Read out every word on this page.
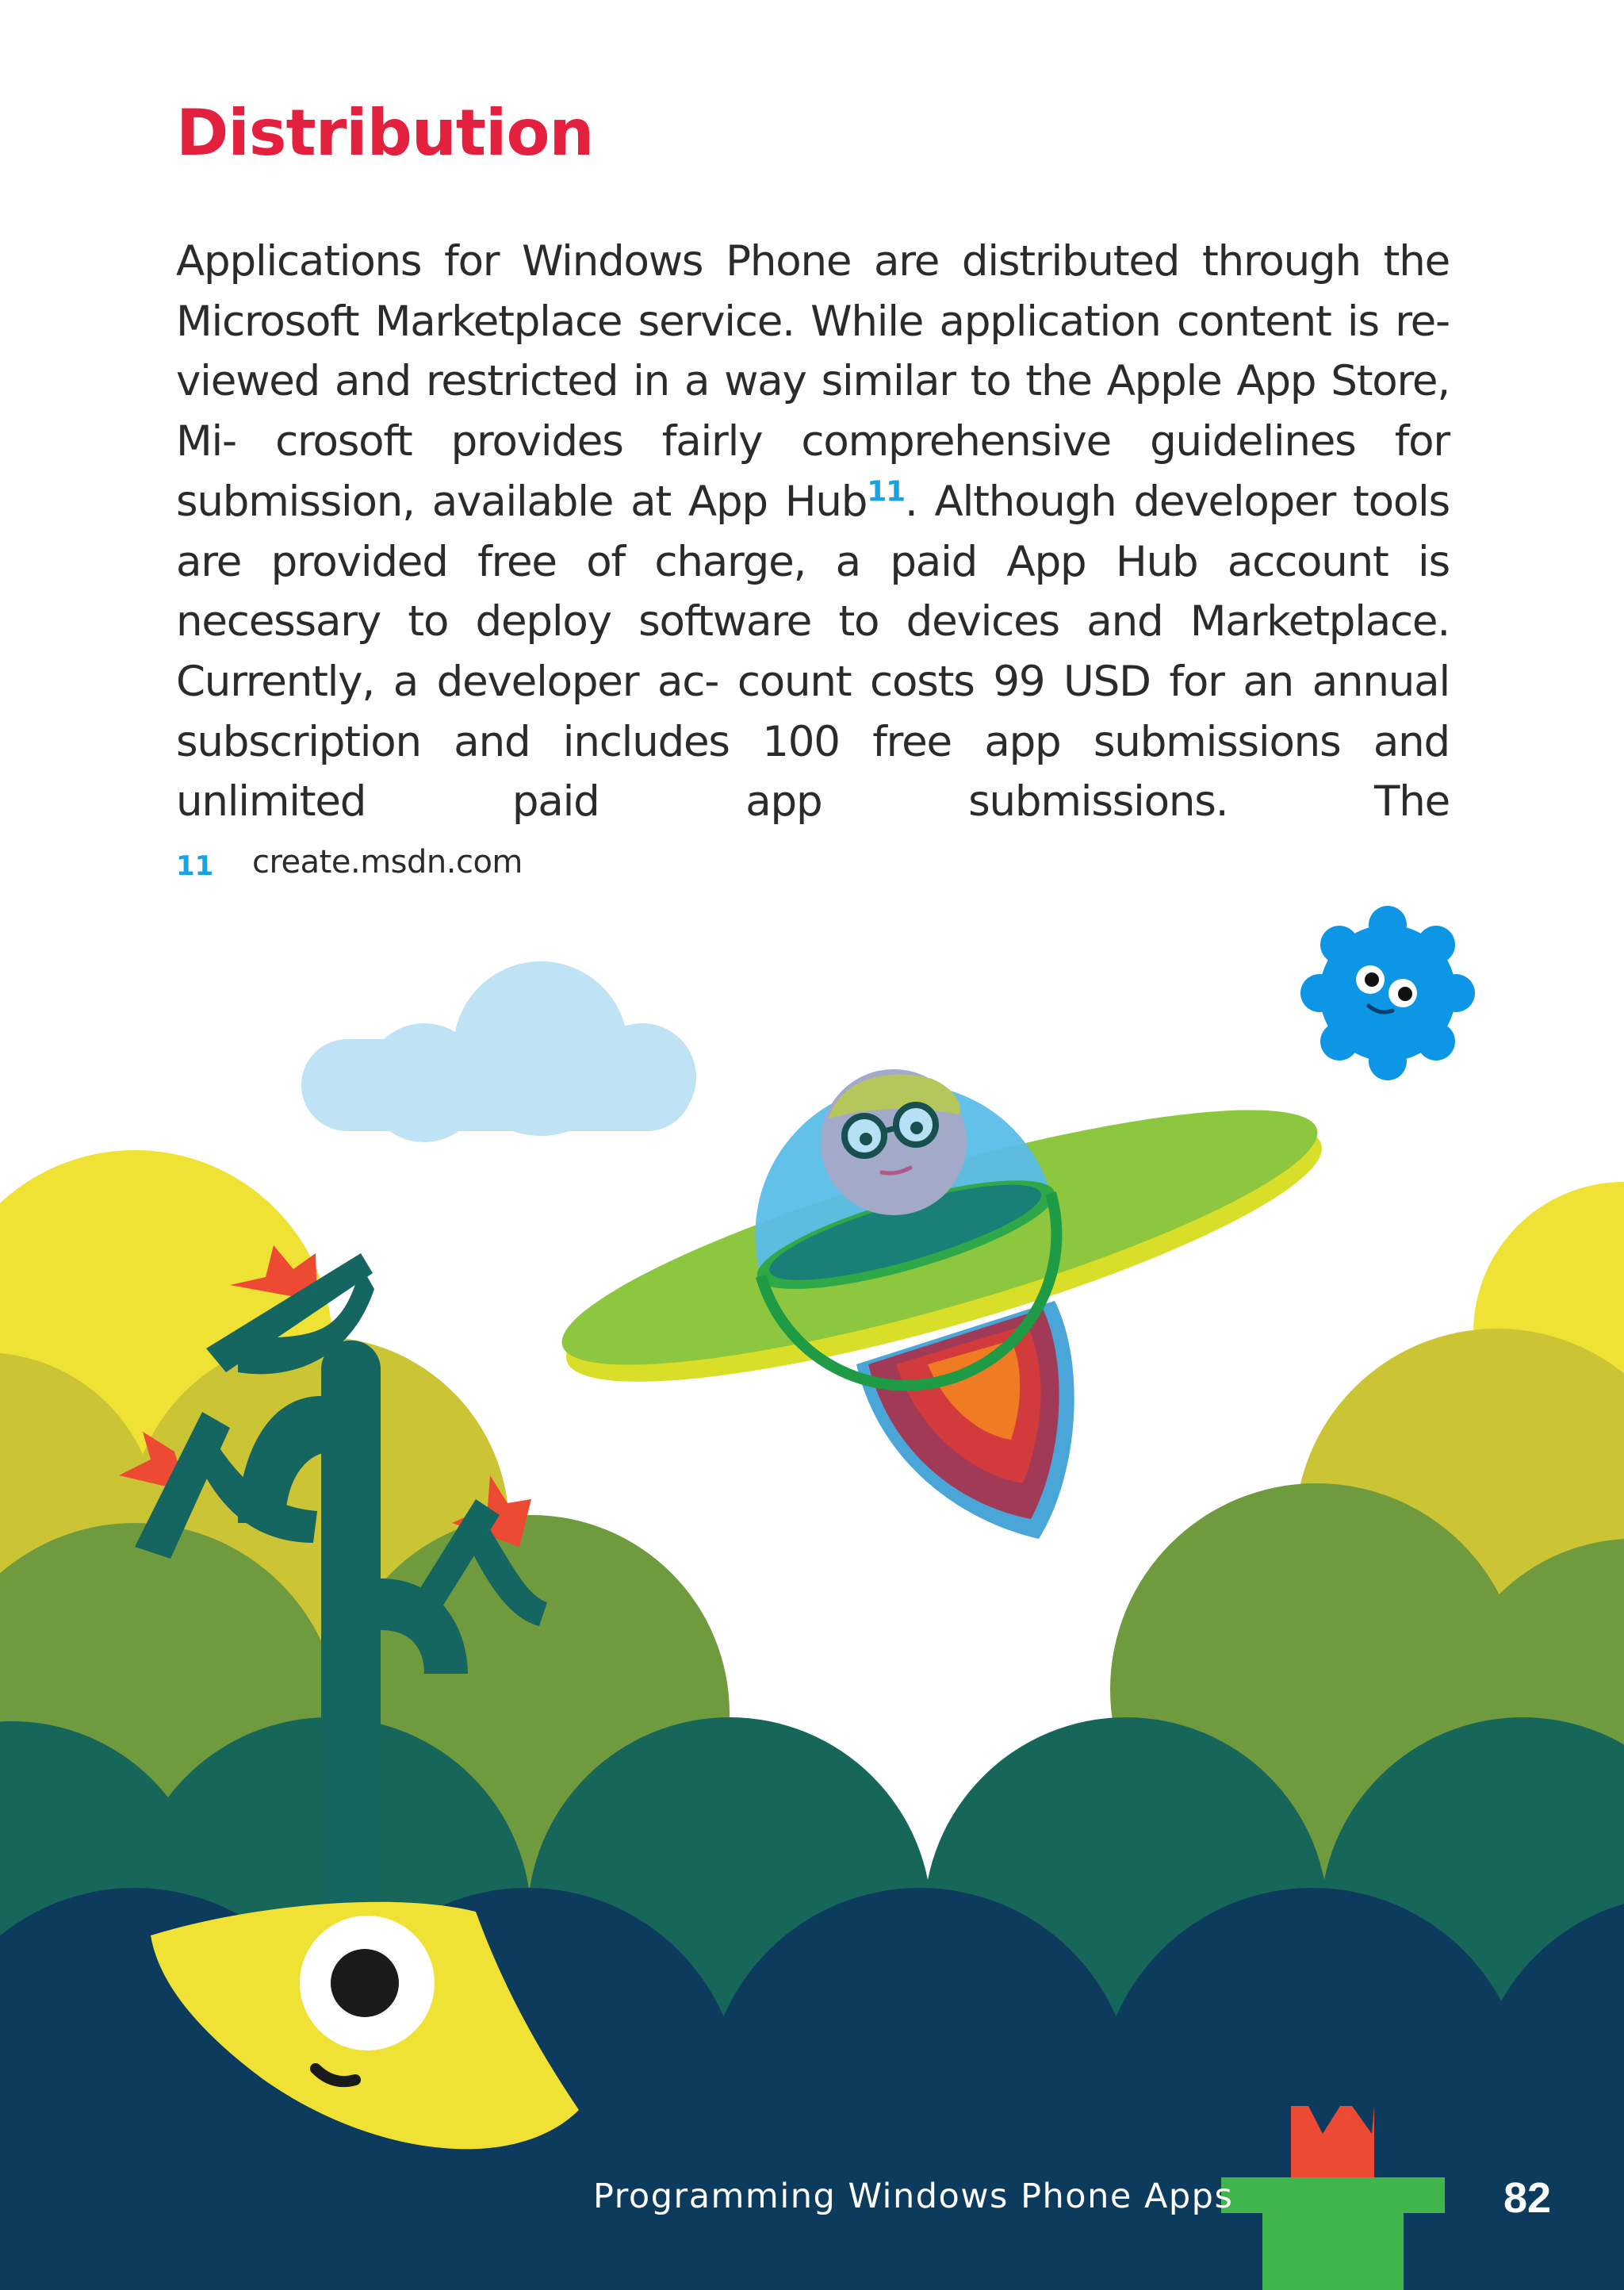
Distribution

Applications for Windows Phone are distributed through the Microsoft Marketplace service. While application content is re- viewed and restricted in a way similar to the Apple App Store, Mi- crosoft provides fairly comprehensive guidelines for submission, available at App Hub$^{11}$. Although developer tools are provided free of charge, a paid App Hub account is necessary to deploy software to devices and Marketplace. Currently, a developer ac- count costs 99 USD for an annual subscription and includes 100 free app submissions and unlimited paid app submissions. The

11 create.msdn.com
Programming Windows Phone Apps	82
